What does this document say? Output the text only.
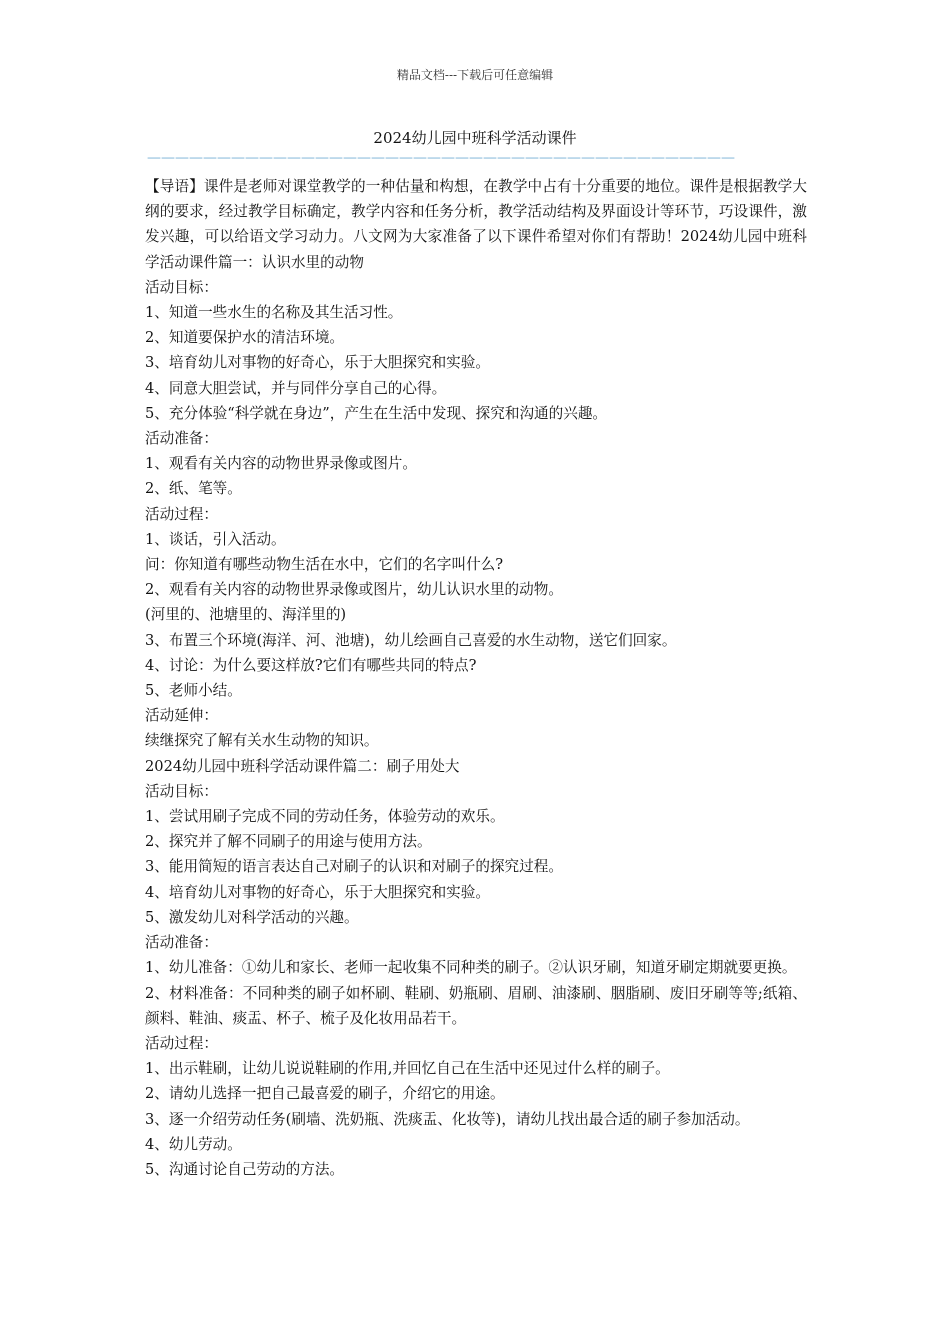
精品文档---下载后可任意编辑
2024幼儿园中班科学活动课件
——————————————————————————————————————————

【导语】课件是老师对课堂教学的一种估量和构想，在教学中占有十分重要的地位。课件是根据教学大纲的要求，经过教学目标确定，教学内容和任务分析，教学活动结构及界面设计等环节，巧设课件，激发兴趣，可以给语文学习动力。八文网为大家准备了以下课件希望对你们有帮助！2024幼儿园中班科学活动课件篇一：认识水里的动物

活动目标：

1、知道一些水生的名称及其生活习性。

2、知道要保护水的清洁环境。

3、培育幼儿对事物的好奇心，乐于大胆探究和实验。

4、同意大胆尝试，并与同伴分享自己的心得。

5、充分体验“科学就在身边”，产生在生活中发现、探究和沟通的兴趣。

活动准备：

1、观看有关内容的动物世界录像或图片。

2、纸、笔等。

活动过程：

1、谈话，引入活动。

问：你知道有哪些动物生活在水中，它们的名字叫什么?

2、观看有关内容的动物世界录像或图片，幼儿认识水里的动物。

(河里的、池塘里的、海洋里的)

3、布置三个环境(海洋、河、池塘)，幼儿绘画自己喜爱的水生动物，送它们回家。

4、讨论：为什么要这样放?它们有哪些共同的特点?

5、老师小结。

活动延伸：

续继探究了解有关水生动物的知识。

2024幼儿园中班科学活动课件篇二：刷子用处大

活动目标：

1、尝试用刷子完成不同的劳动任务，体验劳动的欢乐。

2、探究并了解不同刷子的用途与使用方法。

3、能用简短的语言表达自己对刷子的认识和对刷子的探究过程。

4、培育幼儿对事物的好奇心，乐于大胆探究和实验。

5、激发幼儿对科学活动的兴趣。

活动准备：

1、幼儿准备：①幼儿和家长、老师一起收集不同种类的刷子。②认识牙刷，知道牙刷定期就要更换。

2、材料准备：不同种类的刷子如杯刷、鞋刷、奶瓶刷、眉刷、油漆刷、胭脂刷、废旧牙刷等等;纸箱、颜料、鞋油、痰盂、杯子、梳子及化妆用品若干。

活动过程：

1、出示鞋刷，让幼儿说说鞋刷的作用,并回忆自己在生活中还见过什么样的刷子。

2、请幼儿选择一把自己最喜爱的刷子，介绍它的用途。

3、逐一介绍劳动任务(刷墙、洗奶瓶、洗痰盂、化妆等)，请幼儿找出最合适的刷子参加活动。

4、幼儿劳动。

5、沟通讨论自己劳动的方法。
